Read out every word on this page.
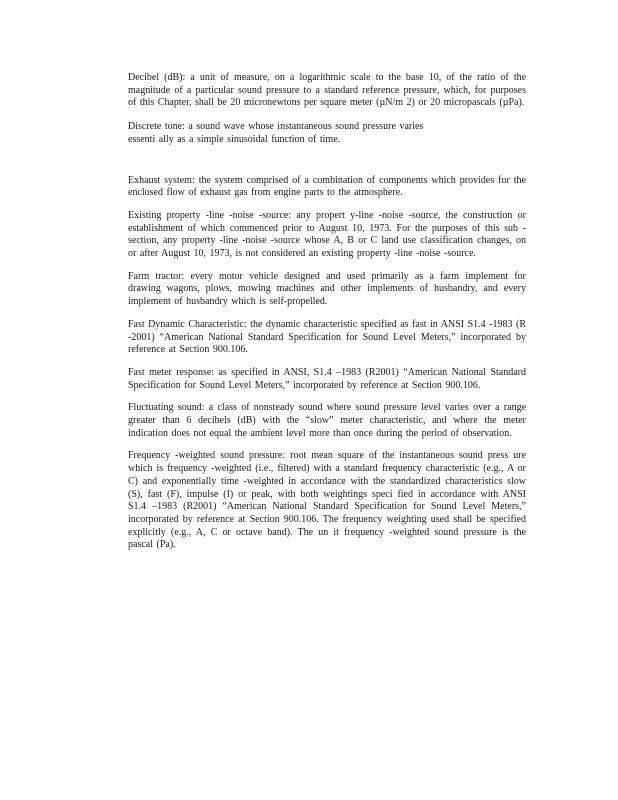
Decibel (dB): a unit of measure, on a logarithmic scale to the base 10, of the ratio of the magnitude of a particular sound pressure to a standard reference pressure, which, for purposes of this Chapter, shall be 20 micronewtons per square meter (µN/m 2) or 20 micropascals (µPa).

Discrete tone: a sound wave whose instantaneous sound pressure varies
essenti ally as a simple sinusoidal function of time.

Exhaust system: the system comprised of a combination of components which provides for the enclosed flow of exhaust gas from engine parts to the atmosphere.

Existing property -line -noise -source: any propert y-line -noise -source, the construction or establishment of which commenced prior to August 10, 1973. For the purposes of this sub -section, any property -line -noise -source whose A, B or C land use classification changes, on or after August 10, 1973, is not considered an existing property -line -noise -source.

Farm tractor: every motor vehicle designed and used primarily as a farm implement for drawing wagons, plows, mowing machines and other implements of husbandry, and every implement of husbandry which is self-propelled.

Fast Dynamic Characteristic: the dynamic characteristic specified as fast in ANSI S1.4 -1983 (R -2001) “American National Standard Specification for Sound Level Meters,” incorporated by reference at Section 900.106.

Fast meter response: as specified in ANSI, S1.4 –1983 (R2001) “American National Standard Specification for Sound Level Meters,” incorporated by reference at Section 900.106.

Fluctuating sound: a class of nonsteady sound where sound pressure level varies over a range greater than 6 decibels (dB) with the “slow” meter characteristic, and where the meter indication does not equal the ambient level more than once during the period of observation.

Frequency -weighted sound pressure: root mean square of the instantaneous sound press ure which is frequency -weighted (i.e., filtered) with a standard frequency characteristic (e.g., A or C) and exponentially time -weighted in accordance with the standardized characteristics slow (S), fast (F), impulse (I) or peak, with both weightings speci fied in accordance with ANSI S1.4 –1983 (R2001) “American National Standard Specification for Sound Level Meters,” incorporated by reference at Section 900.106. The frequency weighting used shall be specified explicitly (e.g., A, C or octave band). The un it frequency -weighted sound pressure is the pascal (Pa).
